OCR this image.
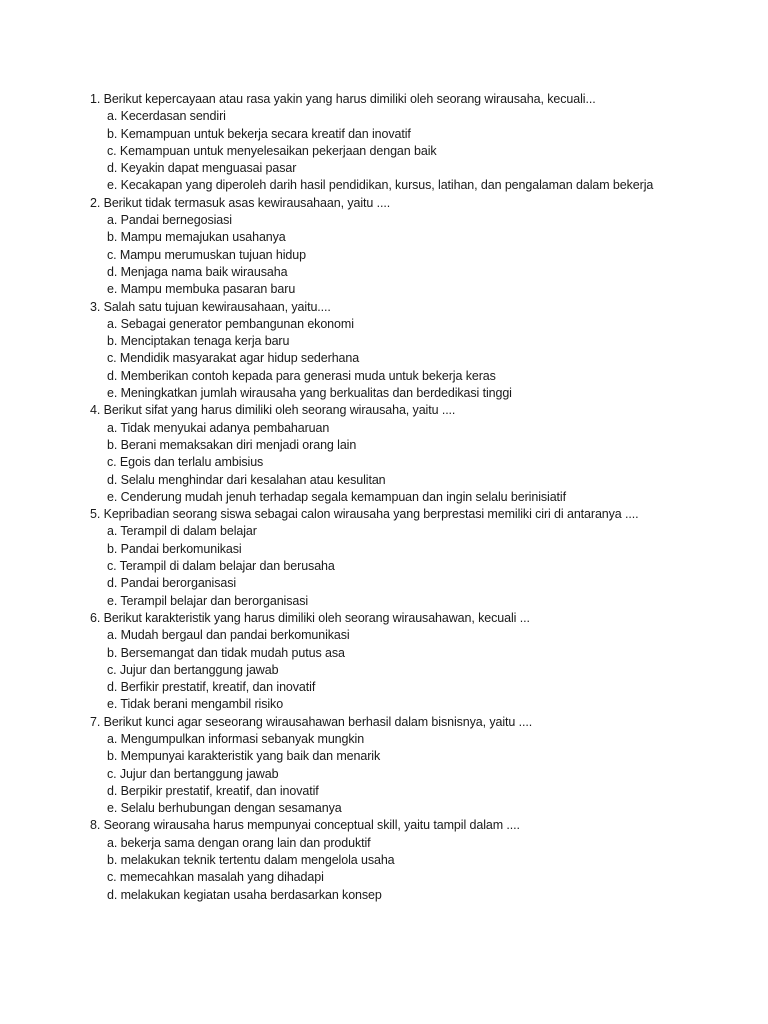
1. Berikut kepercayaan atau rasa yakin yang harus dimiliki oleh seorang wirausaha, kecuali...
a. Kecerdasan sendiri
b. Kemampuan untuk bekerja secara kreatif dan inovatif
c. Kemampuan untuk menyelesaikan pekerjaan dengan baik
d. Keyakin dapat menguasai pasar
e. Kecakapan yang diperoleh darih hasil pendidikan, kursus, latihan, dan pengalaman dalam bekerja
2. Berikut tidak termasuk asas kewirausahaan, yaitu ....
a. Pandai bernegosiasi
b. Mampu memajukan usahanya
c. Mampu merumuskan tujuan hidup
d. Menjaga nama baik wirausaha
e. Mampu membuka pasaran baru
3. Salah satu tujuan kewirausahaan, yaitu....
a. Sebagai generator pembangunan ekonomi
b. Menciptakan tenaga kerja baru
c. Mendidik masyarakat agar hidup sederhana
d. Memberikan contoh kepada para generasi muda untuk bekerja keras
e. Meningkatkan jumlah wirausaha yang berkualitas dan berdedikasi tinggi
4. Berikut sifat yang harus dimiliki oleh seorang wirausaha, yaitu ....
a. Tidak menyukai adanya pembaharuan
b. Berani memaksakan diri menjadi orang lain
c. Egois dan terlalu ambisius
d. Selalu menghindar dari kesalahan atau kesulitan
e. Cenderung mudah jenuh terhadap segala kemampuan dan ingin selalu berinisiatif
5. Kepribadian seorang siswa sebagai calon wirausaha yang berprestasi memiliki ciri di antaranya ....
a. Terampil di dalam belajar
b. Pandai berkomunikasi
c. Terampil di dalam belajar dan berusaha
d. Pandai berorganisasi
e. Terampil belajar dan berorganisasi
6. Berikut karakteristik yang harus dimiliki oleh seorang wirausahawan, kecuali ...
a. Mudah bergaul dan pandai berkomunikasi
b. Bersemangat dan tidak mudah putus asa
c. Jujur dan bertanggung jawab
d. Berfikir prestatif, kreatif, dan inovatif
e. Tidak berani mengambil risiko
7. Berikut kunci agar seseorang wirausahawan berhasil dalam bisnisnya, yaitu ....
a. Mengumpulkan informasi sebanyak mungkin
b. Mempunyai karakteristik yang baik dan menarik
c. Jujur dan bertanggung jawab
d. Berpikir prestatif, kreatif, dan inovatif
e. Selalu berhubungan dengan sesamanya
8. Seorang wirausaha harus mempunyai conceptual skill, yaitu tampil dalam ....
a. bekerja sama dengan orang lain dan produktif
b. melakukan teknik tertentu dalam mengelola usaha
c. memecahkan masalah yang dihadapi
d. melakukan kegiatan usaha berdasarkan konsep
